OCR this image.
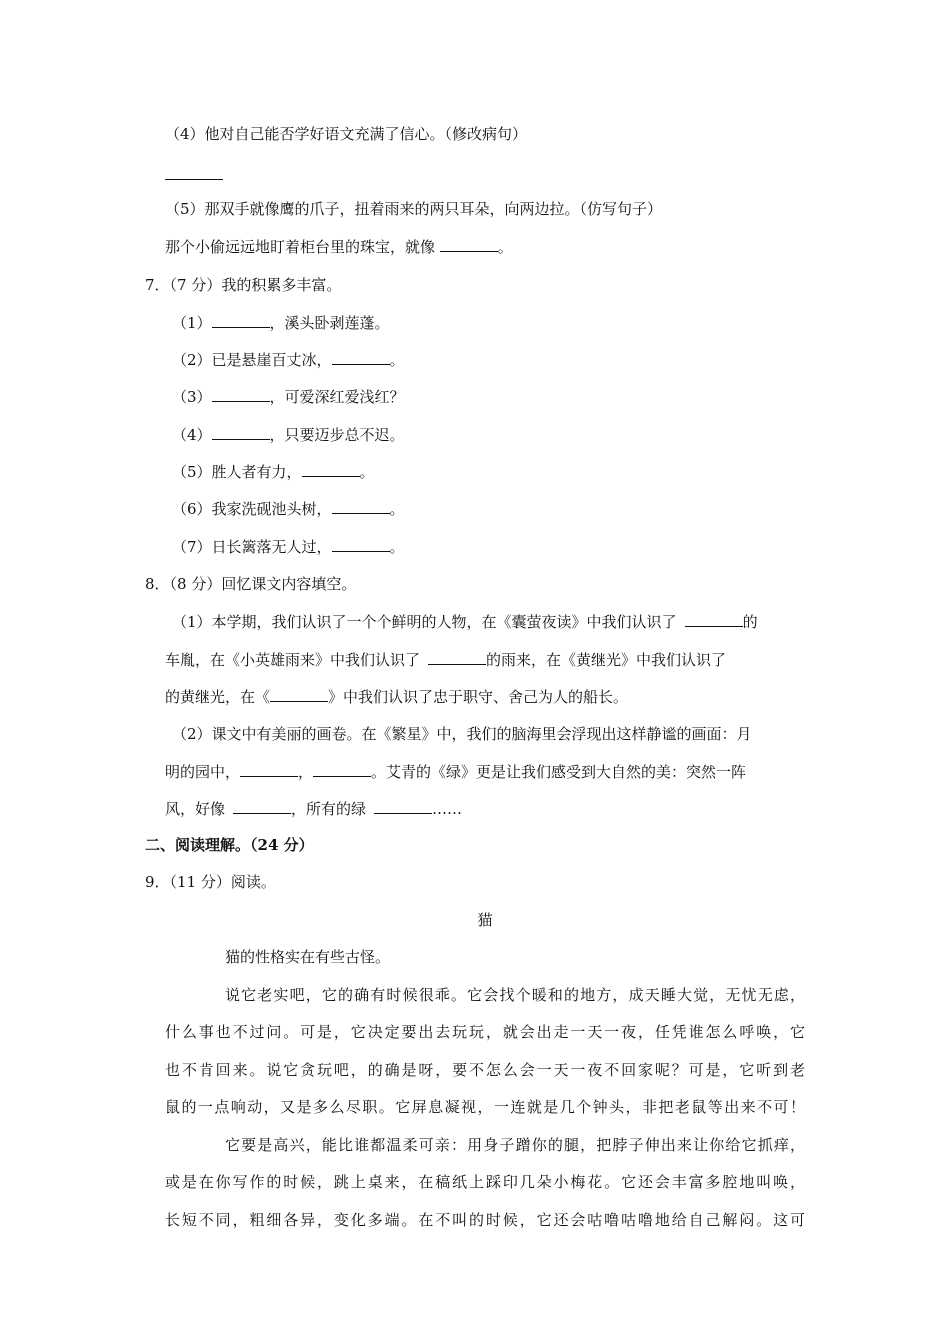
（4）他对自己能否学好语文充满了信心。（修改病句）
（5）那双手就像鹰的爪子，扭着雨来的两只耳朵，向两边拉。（仿写句子）
那个小偷远远地盯着柜台里的珠宝，就像	。
7．（7 分）我的积累多丰富。
（1）	，溪头卧剥莲蓬。
（2）已是悬崖百丈冰，	。
（3）	，可爱深红爱浅红？
（4）	，只要迈步总不迟。
（5）胜人者有力，	。
（6）我家洗砚池头树，	。
（7）日长篱落无人过，	。
8．（8 分）回忆课文内容填空。
（1）本学期，我们认识了一个个鲜明的人物，在《囊萤夜读》中我们认识了	的
车胤，在《小英雄雨来》中我们认识了	的雨来，在《黄继光》中我们认识了
的黄继光，在《	》中我们认识了忠于职守、舍己为人的船长。
（2）课文中有美丽的画卷。在《繁星》中，我们的脑海里会浮现出这样静谧的画面：月
明的园中，	，	。艾青的《绿》更是让我们感受到大自然的美：突然一阵
风，好像	，所有的绿	……
二、阅读理解。（24 分）
9．（11 分）阅读。
猫
猫的性格实在有些古怪。
说它老实吧，它的确有时候很乖。它会找个暖和的地方，成天睡大觉，无忧无虑，
什么事也不过问。可是，它决定要出去玩玩，就会出走一天一夜，任凭谁怎么呼唤，它
也不肯回来。说它贪玩吧，的确是呀，要不怎么会一天一夜不回家呢？可是，它听到老
鼠的一点响动，又是多么尽职。它屏息凝视，一连就是几个钟头，非把老鼠等出来不可！
它要是高兴，能比谁都温柔可亲：用身子蹭你的腿，把脖子伸出来让你给它抓痒，
或是在你写作的时候，跳上桌来，在稿纸上踩印几朵小梅花。它还会丰富多腔地叫唤，
长短不同，粗细各异，变化多端。在不叫的时候，它还会咕噜咕噜地给自己解闷。这可
